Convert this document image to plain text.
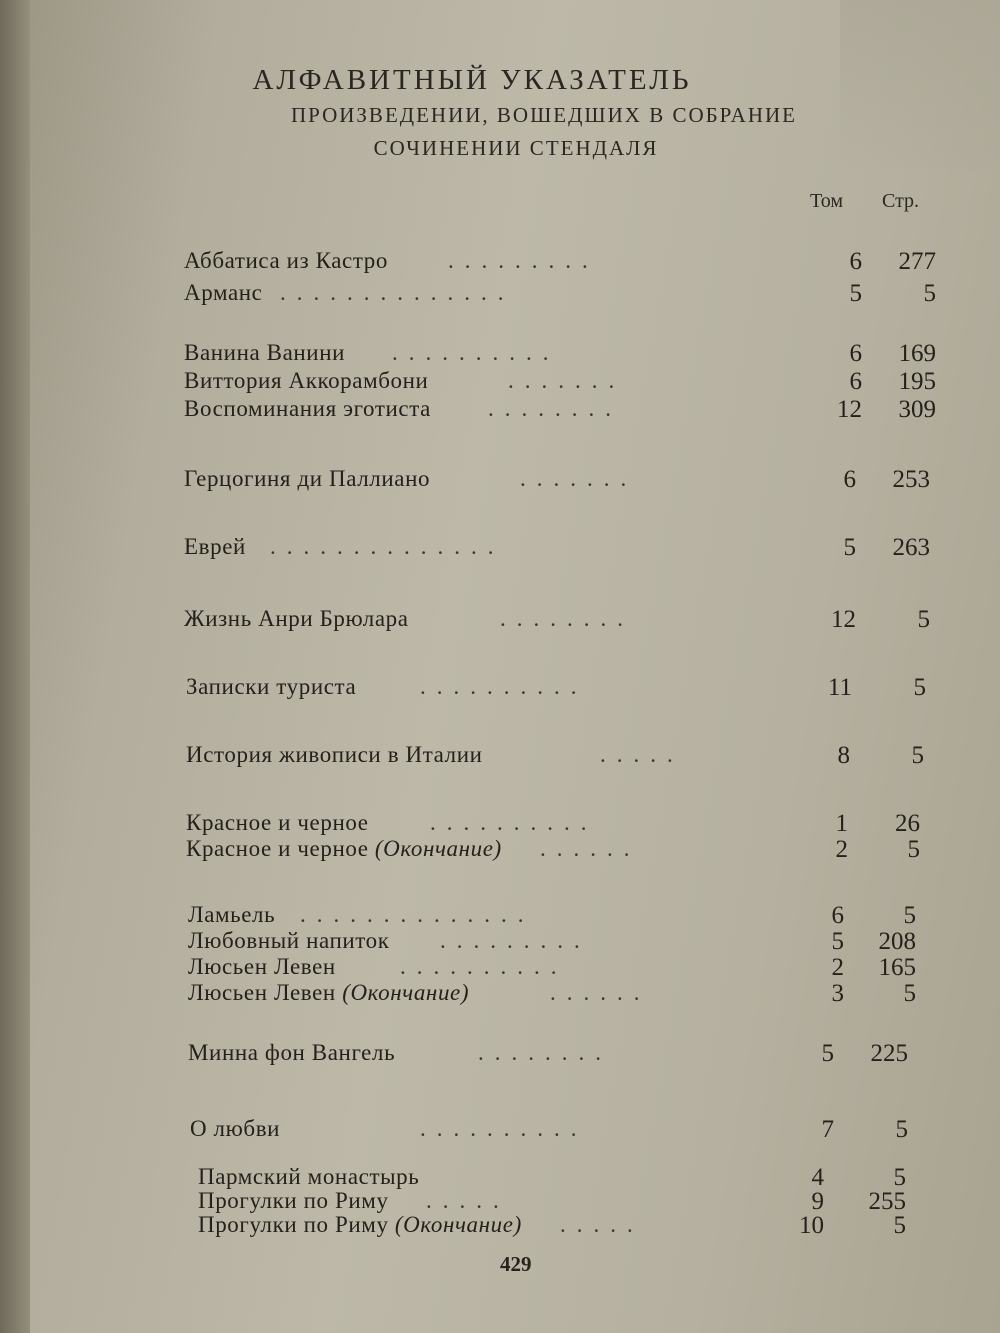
АЛФАВИТНЫЙ УКАЗАТЕЛЬ
ПРОИЗВЕДЕНИИ, ВОШЕДШИХ В СОБРАНИЕ
СОЧИНЕНИИ СТЕНДАЛЯ
Том Стр.
Аббатиса из Кастро	.........	6	277
Арманс ..............	5	5
Ванина Ванини ..........	6	169
Виттория Аккорамбони	.......	6	195
Воспоминания эготиста ........	12	309
Герцогиня ди Паллиано	.......	6	253
Еврей ..............	5	263
Жизнь Анри Брюлара	........	12	5
Записки туриста	..........	11	5
История живописи в Италии	.....	8	5
Красное и черное	..........	1	26
Красное и черное (Окончание) ......	2	5
Ламьель ..............	6	5
Любовный напиток .........	5	208
Люсьен Левен	..........	2	165
Люсьен Левен (Окончание)	......	3	5
Минна фон Вангель	........	5	225
О любви	..........	7	5
Пармский монастырь	4	5
Прогулки по Риму .....	9	255
Прогулки по Риму (Окончание) .....	10	5
429
